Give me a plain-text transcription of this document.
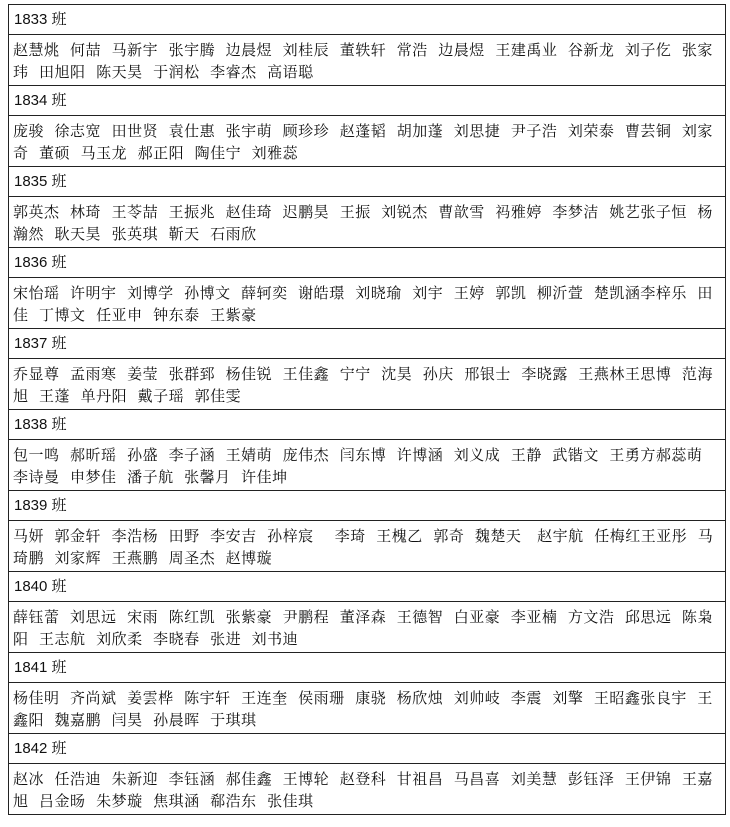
1833 班
赵慧烑  何喆  马新宇  张宇腾  边晨煜  刘桂辰  董轶轩  常浩  边晨煜  王建禹业  谷新龙  刘子仡  张家玮  田旭阳  陈天昊  于润松  李睿杰  高语聪
1834 班
庞骏  徐志宽  田世贤  袁仕惠  张宇萌  顾珍珍  赵蓬韬  胡加蓬  刘思捷  尹子浩  刘荣泰  曹芸铜  刘家奇  董硕  马玉龙  郝正阳  陶佳宁  刘雅蕊
1835 班
郭英杰  林琦  王苓喆  王振兆  赵佳琦  迟鹏昊  王振  刘锐杰  曹歆雪  祃雅婷  李梦洁  姚艺张子恒  杨瀚然  耿天昊  张英琪  靳天  石雨欣
1836 班
宋怡瑶  许明宇  刘博学  孙博文  薛轲奕  谢皓璟  刘晓瑜  刘宇  王婷  郭凯  柳沂萱  楚凯涵李梓乐  田佳  丁博文  任亚申  钟东泰  王紫豪
1837 班
乔显尊  孟雨寒  姜莹  张群郅  杨佳锐  王佳鑫  宁宁  沈昊  孙庆  邢银士  李晓露  王燕林王思博  范海旭  王蓬  单丹阳  戴子瑶  郭佳雯
1838 班
包一鸣  郝昕瑶  孙盛  李子涵  王婧萌  庞伟杰  闫东博  许博涵  刘义成  王静  武锴文  王勇方郝蕊萌  李诗曼  申梦佳  潘子航  张馨月  许佳坤
1839 班
马妍  郭金轩  李浩杨  田野  李安吉  孙梓宸    李琦  王槐乙  郭奇  魏楚天   赵宇航  任梅红王亚彤  马琦鹏  刘家辉  王燕鹏  周圣杰  赵博璇
1840 班
薛钰蕾  刘思远  宋雨  陈红凯  张紫豪  尹鹏程  董泽森  王德智  白亚豪  李亚楠  方文浩  邱思远  陈枭阳  王志航  刘欣柔  李晓春  张进  刘书迪
1841 班
杨佳明  齐尚斌  姜雲桦  陈宇轩  王连奎  侯雨珊  康骁  杨欣烛  刘帅岐  李震  刘擎  王昭鑫张良宇  王鑫阳  魏嘉鹏  闫昊  孙晨晖  于琪琪
1842 班
赵冰  任浩迪  朱新迎  李钰涵  郝佳鑫  王博轮  赵登科  甘祖昌  马昌喜  刘美慧  彭钰泽  王伊锦  王嘉旭  吕金旸  朱梦璇  焦琪涵  郗浩东  张佳琪
